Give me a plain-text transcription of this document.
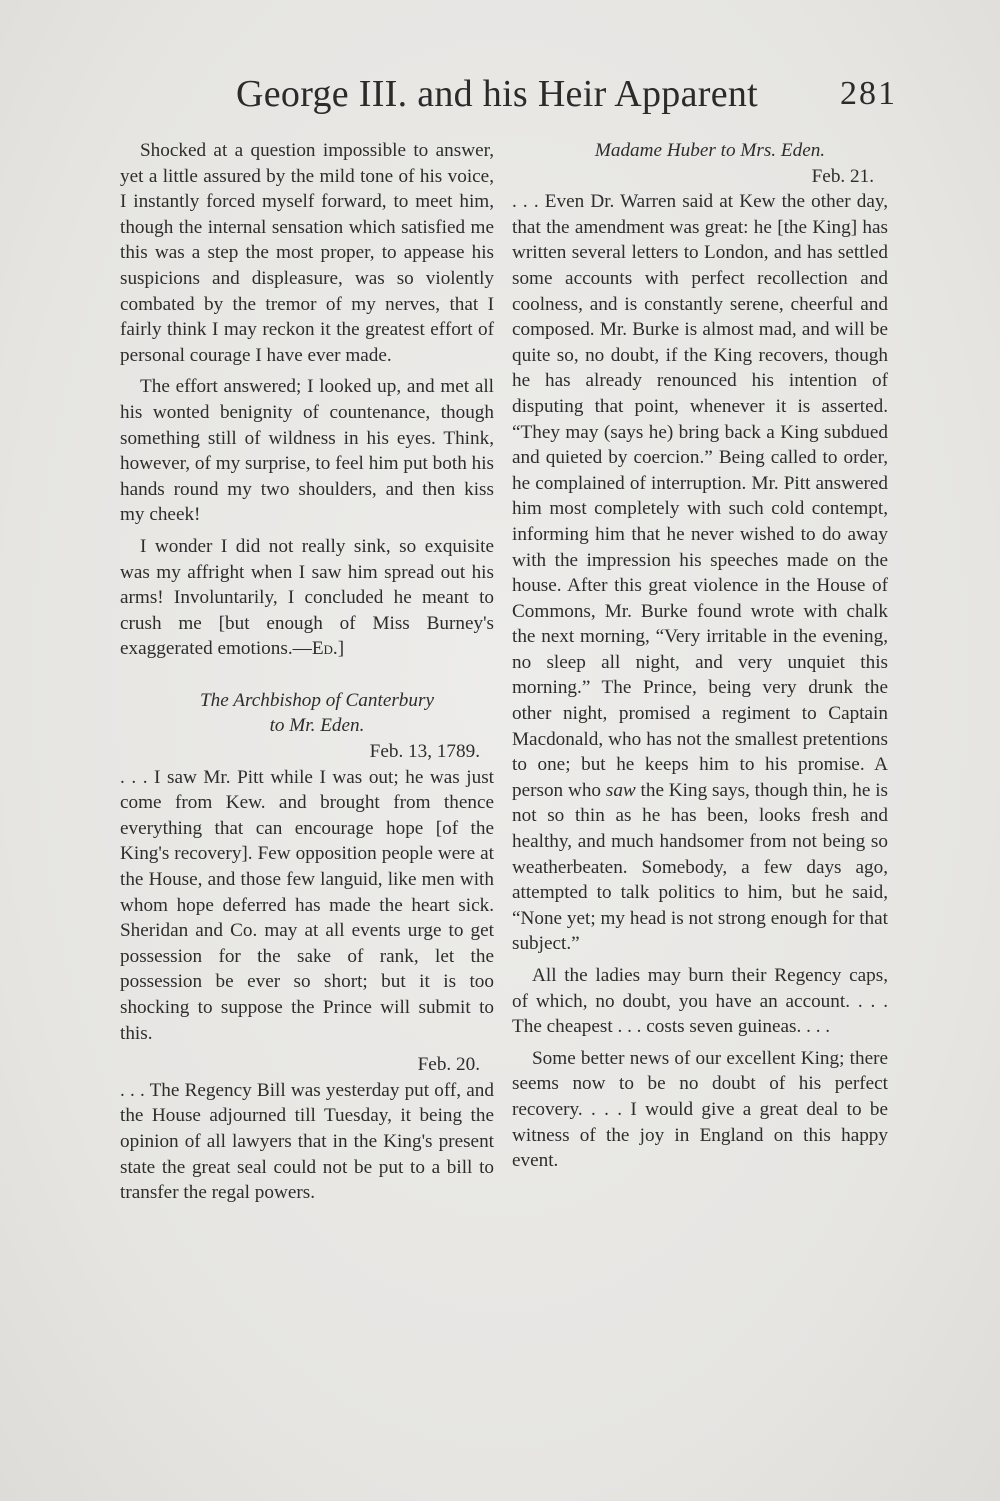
George III. and his Heir Apparent 281

Shocked at a question impossible to answer, yet a little assured by the mild tone of his voice, I instantly forced myself forward, to meet him, though the internal sensation which satisfied me this was a step the most proper, to appease his suspicions and displeasure, was so violently combated by the tremor of my nerves, that I fairly think I may reckon it the greatest effort of personal courage I have ever made.

The effort answered; I looked up, and met all his wonted benignity of countenance, though something still of wildness in his eyes. Think, however, of my surprise, to feel him put both his hands round my two shoulders, and then kiss my cheek!

I wonder I did not really sink, so exquisite was my affright when I saw him spread out his arms! Involuntarily, I concluded he meant to crush me [but enough of Miss Burney's exaggerated emotions.—Ed.]

The Archbishop of Canterbury

to Mr. Eden.

Feb. 13, 1789.

. . . I saw Mr. Pitt while I was out; he was just come from Kew. and brought from thence everything that can encourage hope [of the King's recovery]. Few opposition people were at the House, and those few languid, like men with whom hope deferred has made the heart sick. Sheridan and Co. may at all events urge to get possession for the sake of rank, let the possession be ever so short; but it is too shocking to suppose the Prince will submit to this.

Feb. 20.

. . . The Regency Bill was yesterday put off, and the House adjourned till Tuesday, it being the opinion of all lawyers that in the King's present state the great seal could not be put to a bill to transfer the regal powers.

Madame Huber to Mrs. Eden.

Feb. 21.

. . . Even Dr. Warren said at Kew the other day, that the amendment was great: he [the King] has written several letters to London, and has settled some accounts with perfect recollection and coolness, and is constantly serene, cheerful and composed. Mr. Burke is almost mad, and will be quite so, no doubt, if the King recovers, though he has already renounced his intention of disputing that point, whenever it is asserted. “They may (says he) bring back a King subdued and quieted by coercion.” Being called to order, he complained of interruption. Mr. Pitt answered him most completely with such cold contempt, informing him that he never wished to do away with the impression his speeches made on the house. After this great violence in the House of Commons, Mr. Burke found wrote with chalk the next morning, “Very irritable in the evening, no sleep all night, and very unquiet this morning.” The Prince, being very drunk the other night, promised a regiment to Captain Macdonald, who has not the smallest pretentions to one; but he keeps him to his promise. A person who saw the King says, though thin, he is not so thin as he has been, looks fresh and healthy, and much handsomer from not being so weatherbeaten. Somebody, a few days ago, attempted to talk politics to him, but he said, “None yet; my head is not strong enough for that subject.”

All the ladies may burn their Regency caps, of which, no doubt, you have an account. . . . The cheapest . . . costs seven guineas. . . .

Some better news of our excellent King; there seems now to be no doubt of his perfect recovery. . . . I would give a great deal to be witness of the joy in England on this happy event.
